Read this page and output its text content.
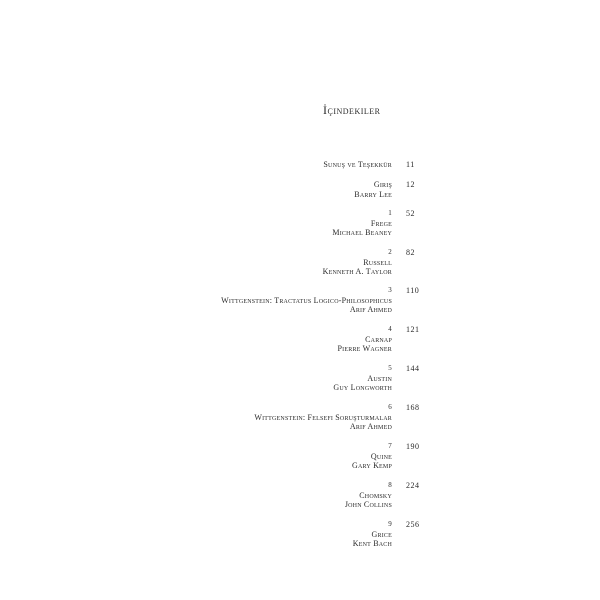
İçindekiler
Sunuş ve Teşekkür 11
Giriş
Barry Lee
12
1
Frege
Michael Beaney
52
2
Russell
Kenneth A. Taylor
82
3
Wittgenstein: Tractatus Logico-Philosophicus
Arif Ahmed
110
4
Carnap
Pierre Wagner
121
5
Austin
Guy Longworth
144
6
Wittgenstein: Felsefi Soruşturmalar
Arif Ahmed
168
7
Quine
Gary Kemp
190
8
Chomsky
John Collins
224
9
Grice
Kent Bach
256
